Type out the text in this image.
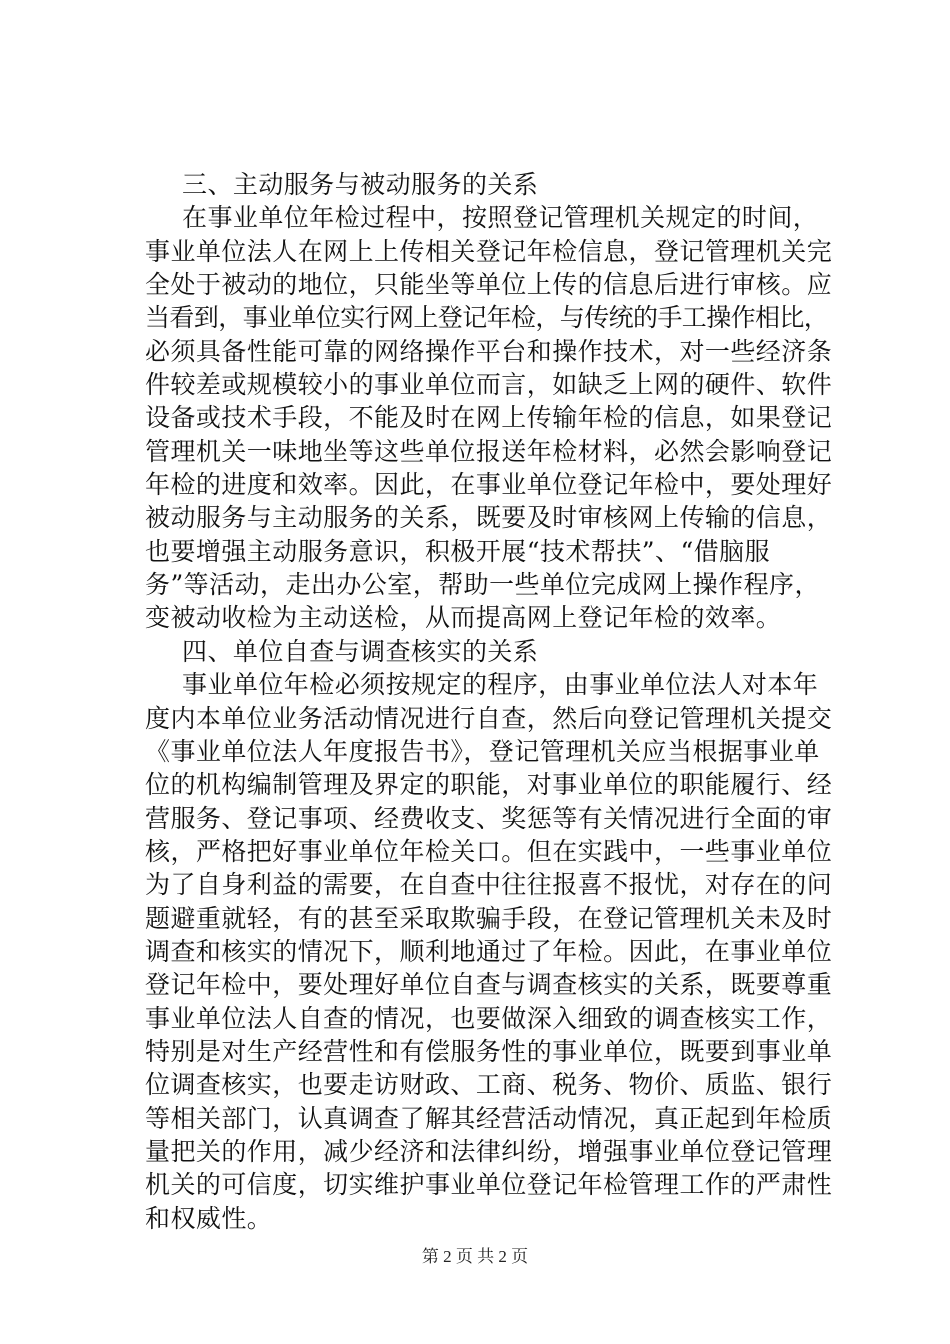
三、主动服务与被动服务的关系
在事业单位年检过程中，按照登记管理机关规定的时间，
事业单位法人在网上上传相关登记年检信息，登记管理机关完
全处于被动的地位，只能坐等单位上传的信息后进行审核。应
当看到，事业单位实行网上登记年检，与传统的手工操作相比，
必须具备性能可靠的网络操作平台和操作技术，对一些经济条
件较差或规模较小的事业单位而言，如缺乏上网的硬件、软件
设备或技术手段，不能及时在网上传输年检的信息，如果登记
管理机关一味地坐等这些单位报送年检材料，必然会影响登记
年检的进度和效率。因此，在事业单位登记年检中，要处理好
被动服务与主动服务的关系，既要及时审核网上传输的信息，
也要增强主动服务意识，积极开展“技术帮扶”、“借脑服
务”等活动，走出办公室，帮助一些单位完成网上操作程序，
变被动收检为主动送检，从而提高网上登记年检的效率。
四、单位自查与调查核实的关系
事业单位年检必须按规定的程序，由事业单位法人对本年
度内本单位业务活动情况进行自查，然后向登记管理机关提交
《事业单位法人年度报告书》，登记管理机关应当根据事业单
位的机构编制管理及界定的职能，对事业单位的职能履行、经
营服务、登记事项、经费收支、奖惩等有关情况进行全面的审
核，严格把好事业单位年检关口。但在实践中，一些事业单位
为了自身利益的需要，在自查中往往报喜不报忧，对存在的问
题避重就轻，有的甚至采取欺骗手段，在登记管理机关未及时
调查和核实的情况下，顺利地通过了年检。因此，在事业单位
登记年检中，要处理好单位自查与调查核实的关系，既要尊重
事业单位法人自查的情况，也要做深入细致的调查核实工作，
特别是对生产经营性和有偿服务性的事业单位，既要到事业单
位调查核实，也要走访财政、工商、税务、物价、质监、银行
等相关部门，认真调查了解其经营活动情况，真正起到年检质
量把关的作用，减少经济和法律纠纷，增强事业单位登记管理
机关的可信度，切实维护事业单位登记年检管理工作的严肃性
和权威性。
第 2 页 共 2 页
